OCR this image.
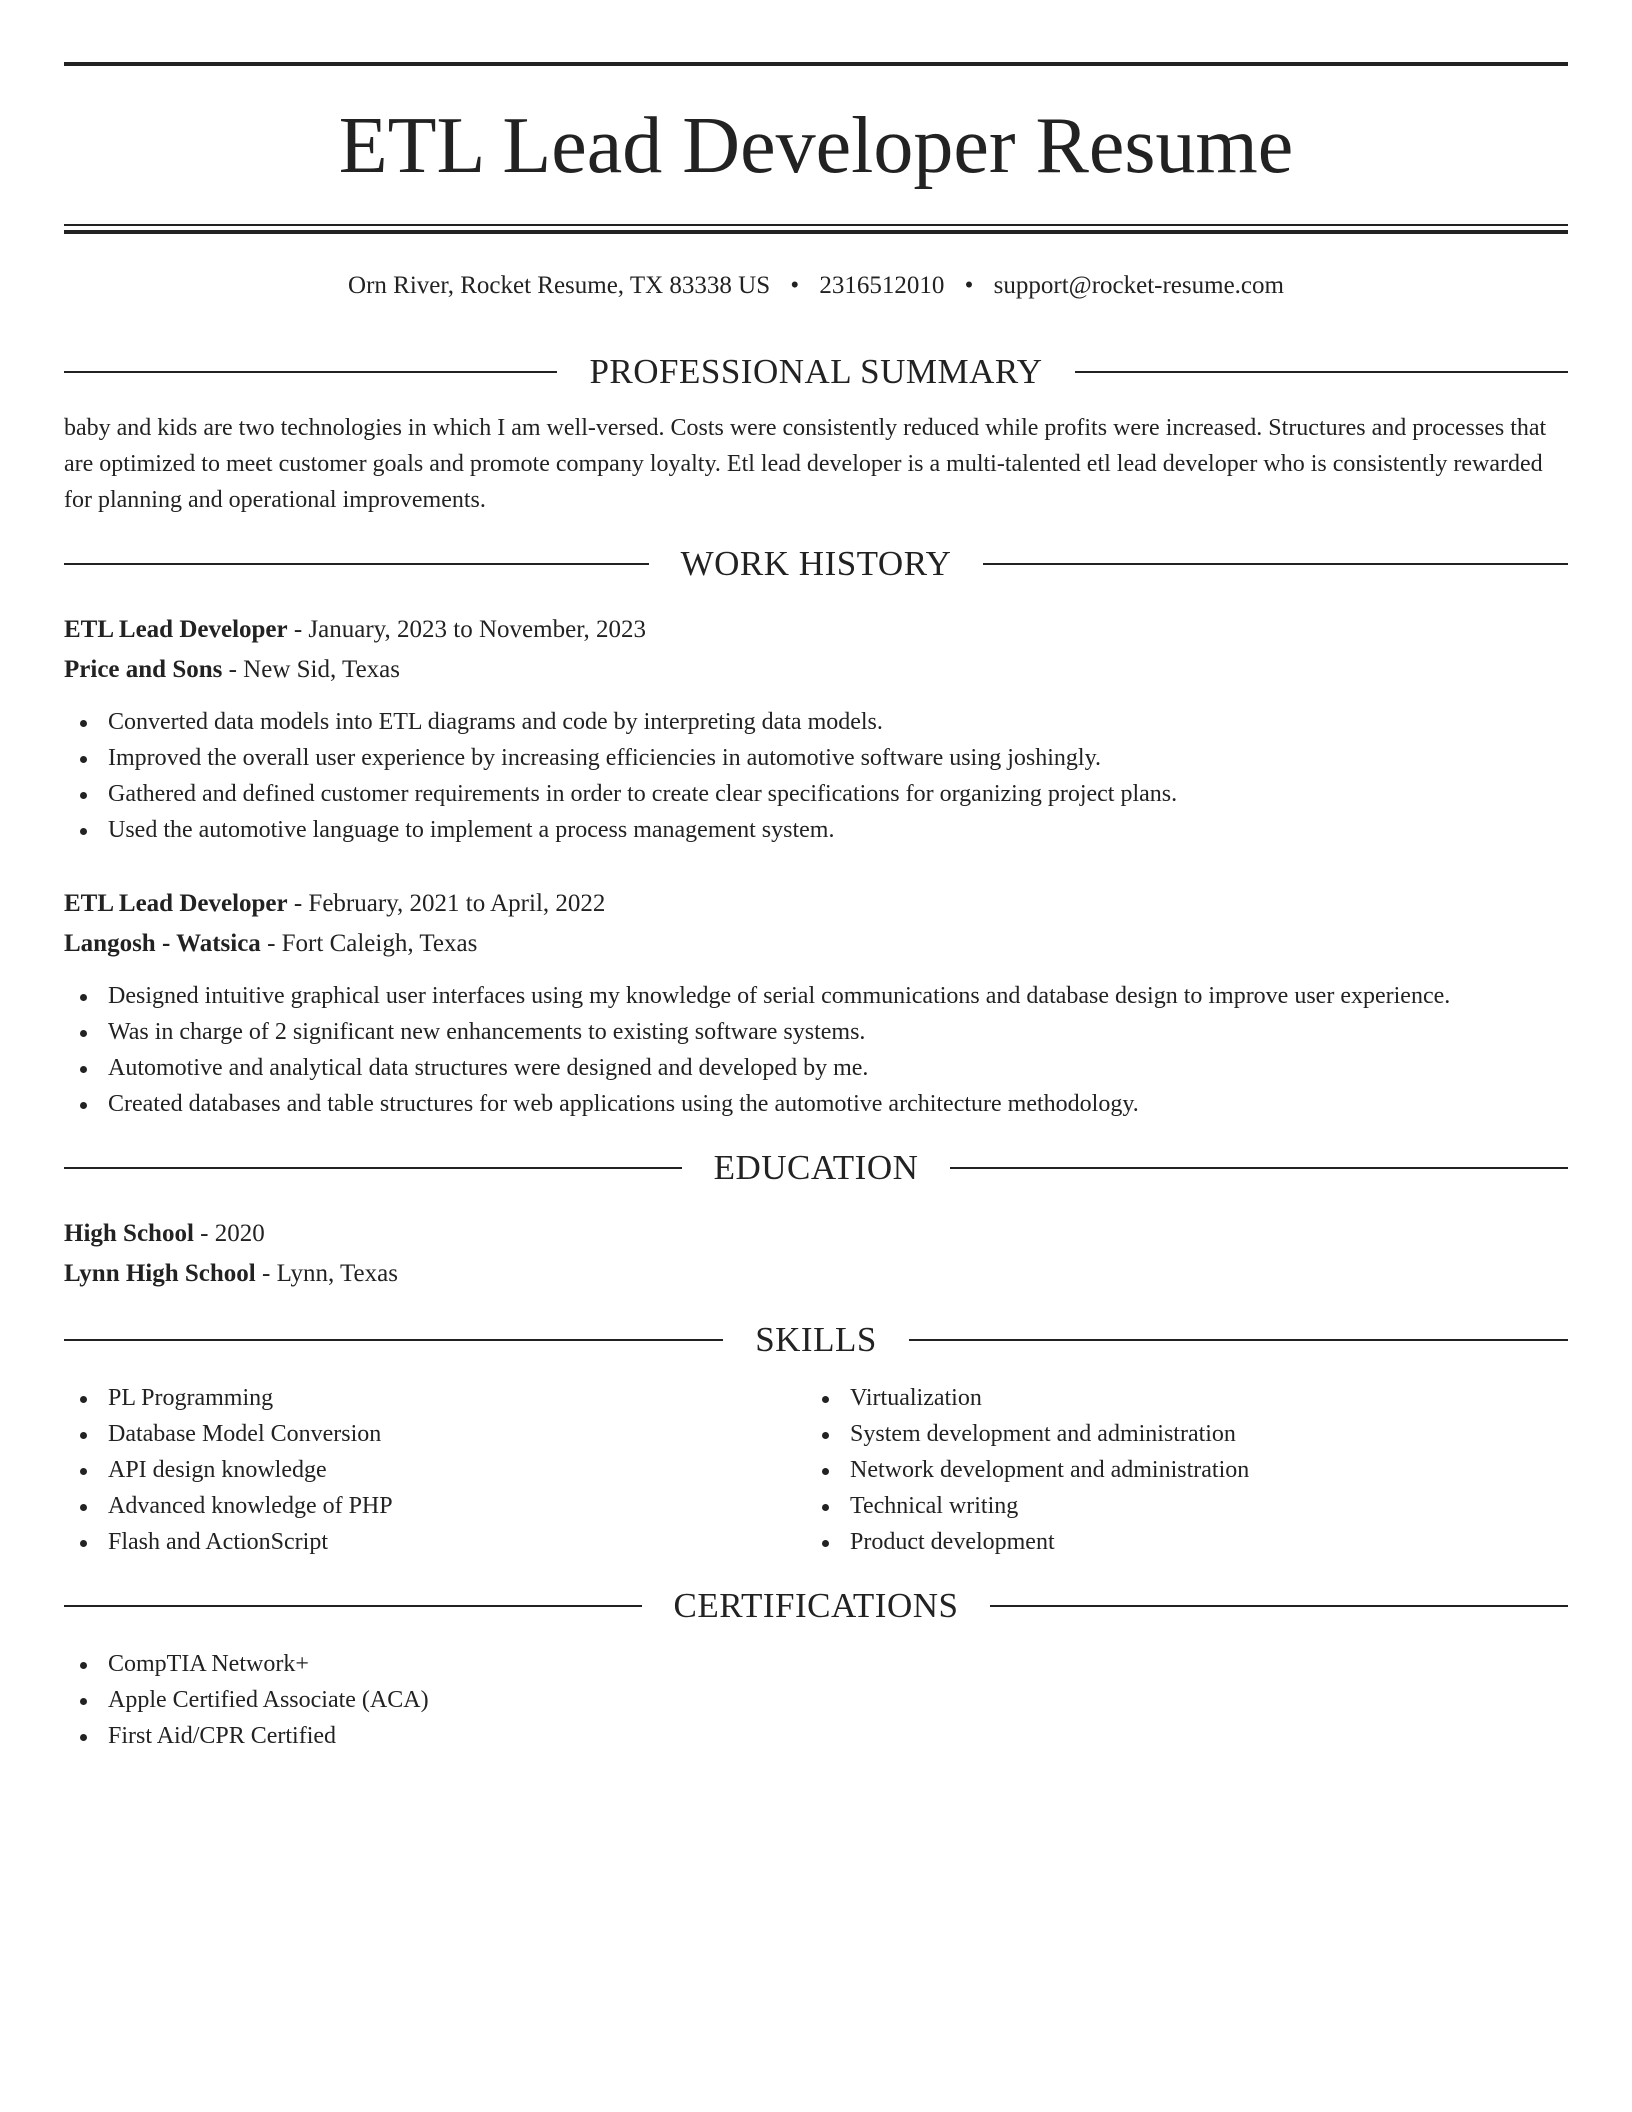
ETL Lead Developer Resume
Orn River, Rocket Resume, TX 83338 US • 2316512010 • support@rocket-resume.com
PROFESSIONAL SUMMARY
baby and kids are two technologies in which I am well-versed. Costs were consistently reduced while profits were increased. Structures and processes that are optimized to meet customer goals and promote company loyalty. Etl lead developer is a multi-talented etl lead developer who is consistently rewarded for planning and operational improvements.
WORK HISTORY
ETL Lead Developer - January, 2023 to November, 2023
Price and Sons - New Sid, Texas
Converted data models into ETL diagrams and code by interpreting data models.
Improved the overall user experience by increasing efficiencies in automotive software using joshingly.
Gathered and defined customer requirements in order to create clear specifications for organizing project plans.
Used the automotive language to implement a process management system.
ETL Lead Developer - February, 2021 to April, 2022
Langosh - Watsica - Fort Caleigh, Texas
Designed intuitive graphical user interfaces using my knowledge of serial communications and database design to improve user experience.
Was in charge of 2 significant new enhancements to existing software systems.
Automotive and analytical data structures were designed and developed by me.
Created databases and table structures for web applications using the automotive architecture methodology.
EDUCATION
High School - 2020
Lynn High School - Lynn, Texas
SKILLS
PL Programming
Database Model Conversion
API design knowledge
Advanced knowledge of PHP
Flash and ActionScript
Virtualization
System development and administration
Network development and administration
Technical writing
Product development
CERTIFICATIONS
CompTIA Network+
Apple Certified Associate (ACA)
First Aid/CPR Certified
